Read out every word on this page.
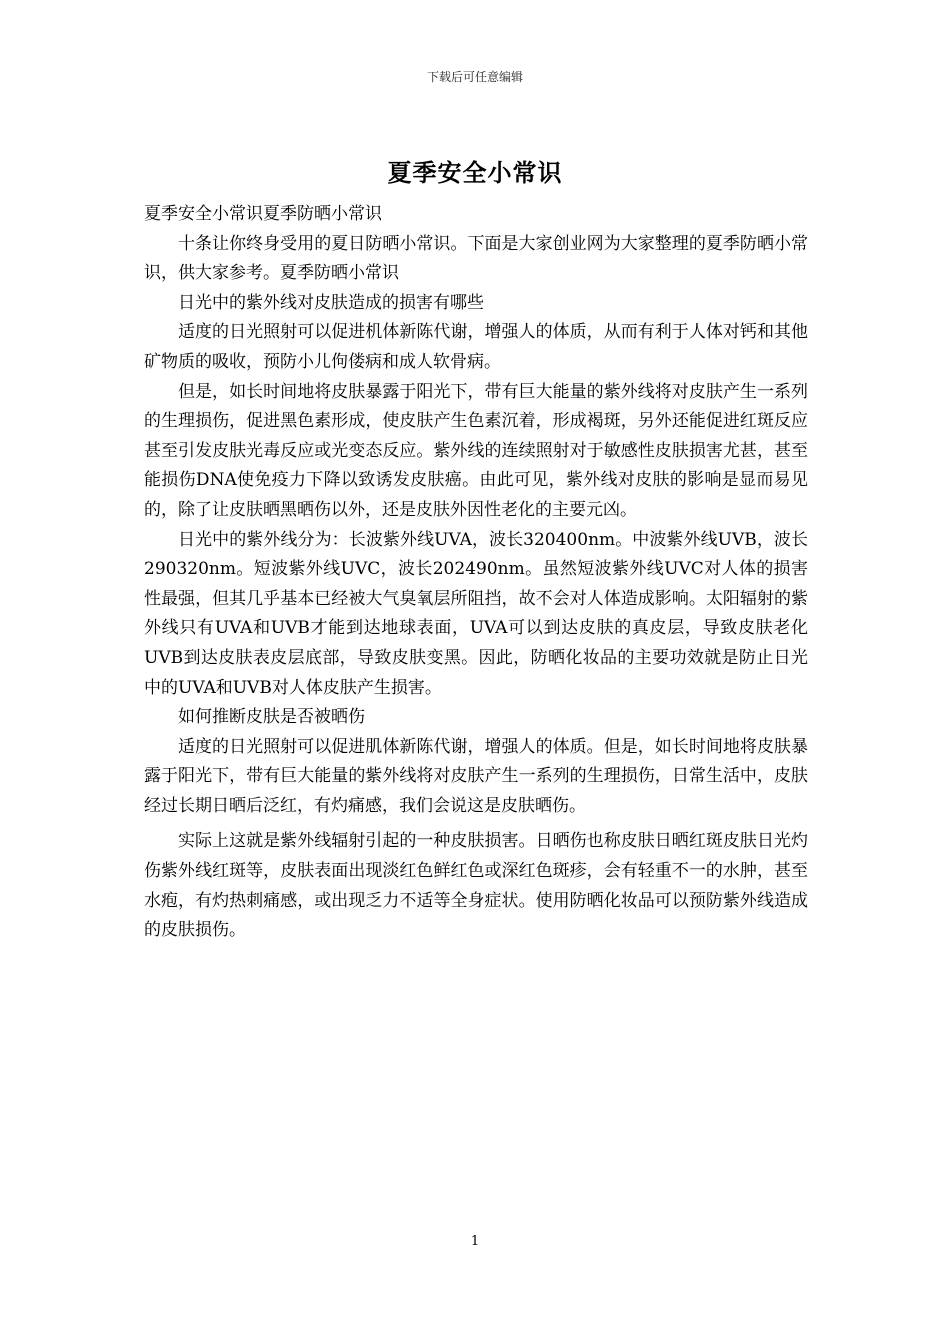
下载后可任意编辑
夏季安全小常识

夏季安全小常识夏季防晒小常识

十条让你终身受用的夏日防晒小常识。下面是大家创业网为大家整理的夏季防晒小常识，供大家参考。夏季防晒小常识

日光中的紫外线对皮肤造成的损害有哪些

适度的日光照射可以促进机体新陈代谢，增强人的体质，从而有利于人体对钙和其他矿物质的吸收，预防小儿佝偻病和成人软骨病。

但是，如长时间地将皮肤暴露于阳光下，带有巨大能量的紫外线将对皮肤产生一系列的生理损伤，促进黑色素形成，使皮肤产生色素沉着，形成褐斑，另外还能促进红斑反应甚至引发皮肤光毒反应或光变态反应。紫外线的连续照射对于敏感性皮肤损害尤甚，甚至能损伤DNA使免疫力下降以致诱发皮肤癌。由此可见，紫外线对皮肤的影响是显而易见的，除了让皮肤晒黑晒伤以外，还是皮肤外因性老化的主要元凶。

日光中的紫外线分为：长波紫外线UVA，波长320400nm。中波紫外线UVB，波长290320nm。短波紫外线UVC，波长202490nm。虽然短波紫外线UVC对人体的损害性最强，但其几乎基本已经被大气臭氧层所阻挡，故不会对人体造成影响。太阳辐射的紫外线只有UVA和UVB才能到达地球表面，UVA可以到达皮肤的真皮层，导致皮肤老化UVB到达皮肤表皮层底部，导致皮肤变黑。因此，防晒化妆品的主要功效就是防止日光中的UVA和UVB对人体皮肤产生损害。

如何推断皮肤是否被晒伤

适度的日光照射可以促进肌体新陈代谢，增强人的体质。但是，如长时间地将皮肤暴露于阳光下，带有巨大能量的紫外线将对皮肤产生一系列的生理损伤，日常生活中，皮肤经过长期日晒后泛红，有灼痛感，我们会说这是皮肤晒伤。

实际上这就是紫外线辐射引起的一种皮肤损害。日晒伤也称皮肤日晒红斑皮肤日光灼伤紫外线红斑等，皮肤表面出现淡红色鲜红色或深红色斑疹，会有轻重不一的水肿，甚至水疱，有灼热刺痛感，或出现乏力不适等全身症状。使用防晒化妆品可以预防紫外线造成的皮肤损伤。

1
